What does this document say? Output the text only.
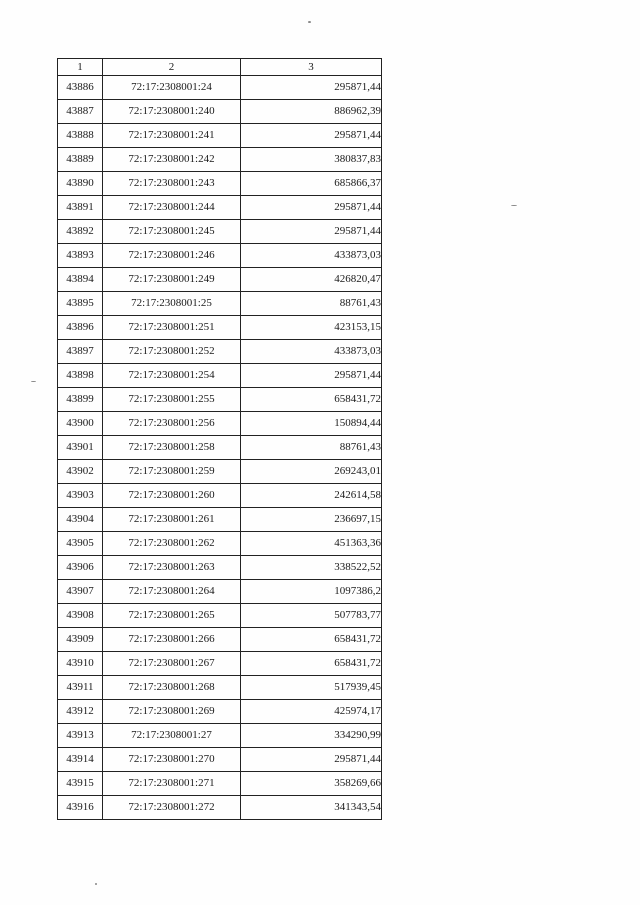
1	2	3
43886	72:17:2308001:24	295871,44
43887	72:17:2308001:240	886962,39
43888	72:17:2308001:241	295871,44
43889	72:17:2308001:242	380837,83
43890	72:17:2308001:243	685866,37
43891	72:17:2308001:244	295871,44
43892	72:17:2308001:245	295871,44
43893	72:17:2308001:246	433873,03
43894	72:17:2308001:249	426820,47
43895	72:17:2308001:25	88761,43
43896	72:17:2308001:251	423153,15
43897	72:17:2308001:252	433873,03
43898	72:17:2308001:254	295871,44
43899	72:17:2308001:255	658431,72
43900	72:17:2308001:256	150894,44
43901	72:17:2308001:258	88761,43
43902	72:17:2308001:259	269243,01
43903	72:17:2308001:260	242614,58
43904	72:17:2308001:261	236697,15
43905	72:17:2308001:262	451363,36
43906	72:17:2308001:263	338522,52
43907	72:17:2308001:264	1097386,2
43908	72:17:2308001:265	507783,77
43909	72:17:2308001:266	658431,72
43910	72:17:2308001:267	658431,72
43911	72:17:2308001:268	517939,45
43912	72:17:2308001:269	425974,17
43913	72:17:2308001:27	334290,99
43914	72:17:2308001:270	295871,44
43915	72:17:2308001:271	358269,66
43916	72:17:2308001:272	341343,54
